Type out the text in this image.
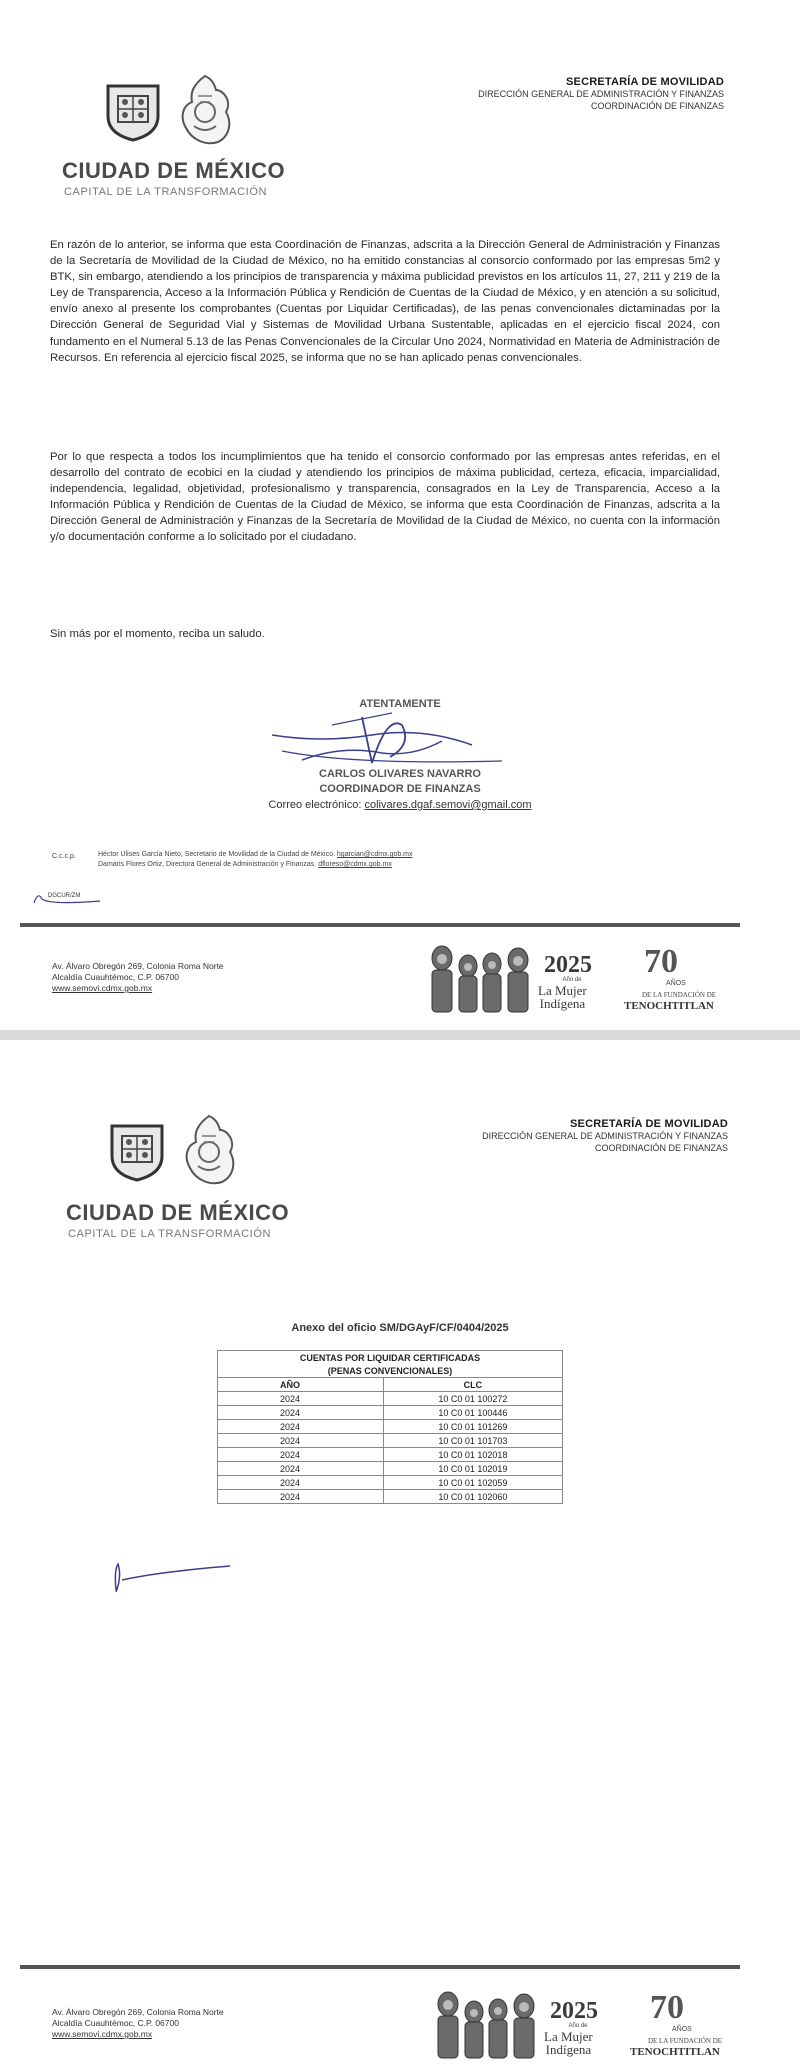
CIUDAD DE MÉXICO
CAPITAL DE LA TRANSFORMACIÓN
SECRETARÍA DE MOVILIDAD
DIRECCIÓN GENERAL DE ADMINISTRACIÓN Y FINANZAS
COORDINACIÓN DE FINANZAS
En razón de lo anterior, se informa que esta Coordinación de Finanzas, adscrita a la Dirección General de Administración y Finanzas de la Secretaría de Movilidad de la Ciudad de México, no ha emitido constancias al consorcio conformado por las empresas 5m2 y BTK, sin embargo, atendiendo a los principios de transparencia y máxima publicidad previstos en los artículos 11, 27, 211 y 219 de la Ley de Transparencia, Acceso a la Información Pública y Rendición de Cuentas de la Ciudad de México, y en atención a su solicitud, envío anexo al presente los comprobantes (Cuentas por Liquidar Certificadas), de las penas convencionales dictaminadas por la Dirección General de Seguridad Vial y Sistemas de Movilidad Urbana Sustentable, aplicadas en el ejercicio fiscal 2024, con fundamento en el Numeral 5.13 de las Penas Convencionales de la Circular Uno 2024, Normatividad en Materia de Administración de Recursos. En referencia al ejercicio fiscal 2025, se informa que no se han aplicado penas convencionales.
Por lo que respecta a todos los incumplimientos que ha tenido el consorcio conformado por las empresas antes referidas, en el desarrollo del contrato de ecobici en la ciudad y atendiendo los principios de máxima publicidad, certeza, eficacia, imparcialidad, independencia, legalidad, objetividad, profesionalismo y transparencia, consagrados en la Ley de Transparencia, Acceso a la Información Pública y Rendición de Cuentas de la Ciudad de México, se informa que esta Coordinación de Finanzas, adscrita a la Dirección General de Administración y Finanzas de la Secretaría de Movilidad de la Ciudad de México, no cuenta con la información y/o documentación conforme a lo solicitado por el ciudadano.
Sin más por el momento, reciba un saludo.
ATENTAMENTE
CARLOS OLIVARES NAVARRO
COORDINADOR DE FINANZAS
Correo electrónico: colivares.dgaf.semovi@gmail.com
C.c.c.p.	Héctor Ulises García Nieto, Secretario de Movilidad de la Ciudad de México. hgarcian@cdmx.gob.mx
Damaris Flores Ortiz, Directora General de Administración y Finanzas. dfloreso@cdmx.gob.mx
DGCUR/ZM
Av. Álvaro Obregón 269, Colonia Roma Norte
Alcaldía Cuauhtémoc, C.P. 06700
www.semovi.cdmx.gob.mx
2025
Año de
La Mujer
Indígena
70
AÑOS
DE LA FUNDACIÓN DE
TENOCHTITLAN
CIUDAD DE MÉXICO
CAPITAL DE LA TRANSFORMACIÓN
SECRETARÍA DE MOVILIDAD
DIRECCIÓN GENERAL DE ADMINISTRACIÓN Y FINANZAS
COORDINACIÓN DE FINANZAS
Anexo del oficio SM/DGAyF/CF/0404/2025
CUENTAS POR LIQUIDAR CERTIFICADAS	
(PENAS CONVENCIONALES)	
AÑO	CLC
2024	10 C0 01 100272
2024	10 C0 01 100446
2024	10 C0 01 101269
2024	10 C0 01 101703
2024	10 C0 01 102018
2024	10 C0 01 102019
2024	10 C0 01 102059
2024	10 C0 01 102060
Av. Álvaro Obregón 269, Colonia Roma Norte
Alcaldía Cuauhtémoc, C.P. 06700
www.semovi.cdmx.gob.mx
2025
Año de
La Mujer
Indígena
70
AÑOS
DE LA FUNDACIÓN DE
TENOCHTITLAN
